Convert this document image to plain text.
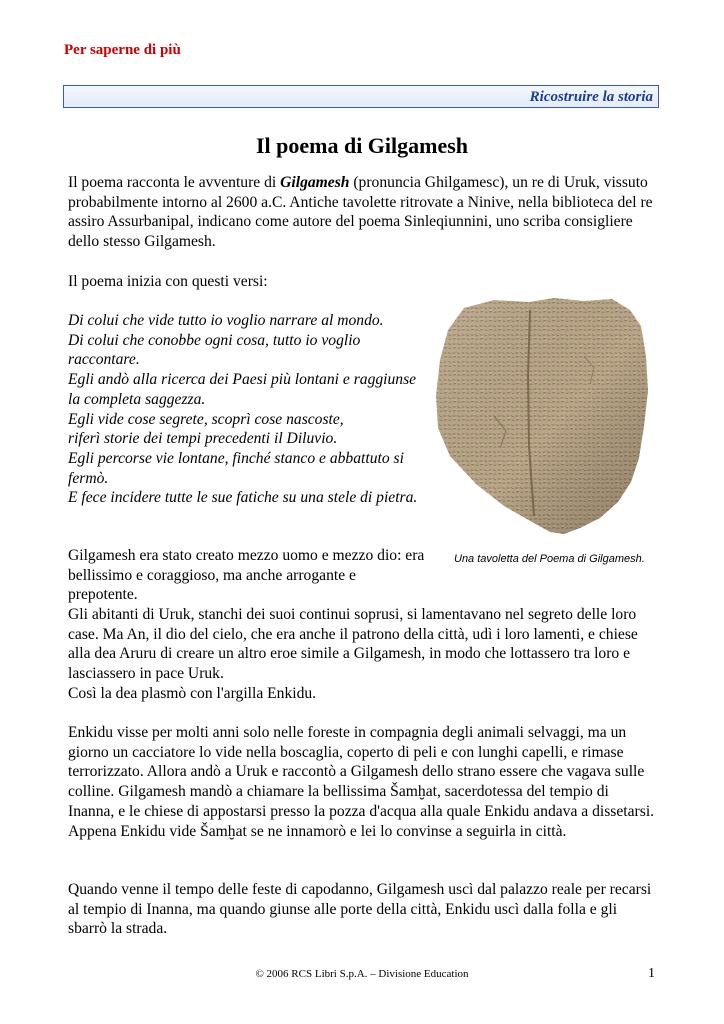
Per saperne di più
Ricostruire la storia
Il poema di Gilgamesh

Il poema racconta le avventure di Gilgamesh (pronuncia Ghilgamesc), un re di Uruk, vissuto probabilmente intorno al 2600 a.C. Antiche tavolette ritrovate a Ninive, nella biblioteca del re assiro Assurbanipal, indicano come autore del poema Sinleqiunnini, uno scriba consigliere dello stesso Gilgamesh.

Il poema inizia con questi versi:

Di colui che vide tutto io voglio narrare al mondo.
Di colui che conobbe ogni cosa, tutto io voglio raccontare.
Egli andò alla ricerca dei Paesi più lontani e raggiunse la completa saggezza.
Egli vide cose segrete, scoprì cose nascoste,
riferì storie dei tempi precedenti il Diluvio.
Egli percorse vie lontane, finché stanco e abbattuto si fermò.
E fece incidere tutte le sue fatiche su una stele di pietra.
Una tavoletta del Poema di Gilgamesh.

Gilgamesh era stato creato mezzo uomo e mezzo dio: era bellissimo e coraggioso, ma anche arrogante e prepotente.

Gli abitanti di Uruk, stanchi dei suoi continui soprusi, si lamentavano nel segreto delle loro case. Ma An, il dio del cielo, che era anche il patrono della città, udì i loro lamenti, e chiese alla dea Aruru di creare un altro eroe simile a Gilgamesh, in modo che lottassero tra loro e lasciassero in pace Uruk.

Così la dea plasmò con l'argilla Enkidu.

Enkidu visse per molti anni solo nelle foreste in compagnia degli animali selvaggi, ma un giorno un cacciatore lo vide nella boscaglia, coperto di peli e con lunghi capelli, e rimase terrorizzato. Allora andò a Uruk e raccontò a Gilgamesh dello strano essere che vagava sulle colline. Gilgamesh mandò a chiamare la bellissima Šamḫat, sacerdotessa del tempio di Inanna, e le chiese di appostarsi presso la pozza d'acqua alla quale Enkidu andava a dissetarsi. Appena Enkidu vide Šamḫat se ne innamorò e lei lo convinse a seguirla in città.

Quando venne il tempo delle feste di capodanno, Gilgamesh uscì dal palazzo reale per recarsi al tempio di Inanna, ma quando giunse alle porte della città, Enkidu uscì dalla folla e gli sbarrò la strada.

© 2006 RCS Libri S.p.A. – Divisione Education	1
